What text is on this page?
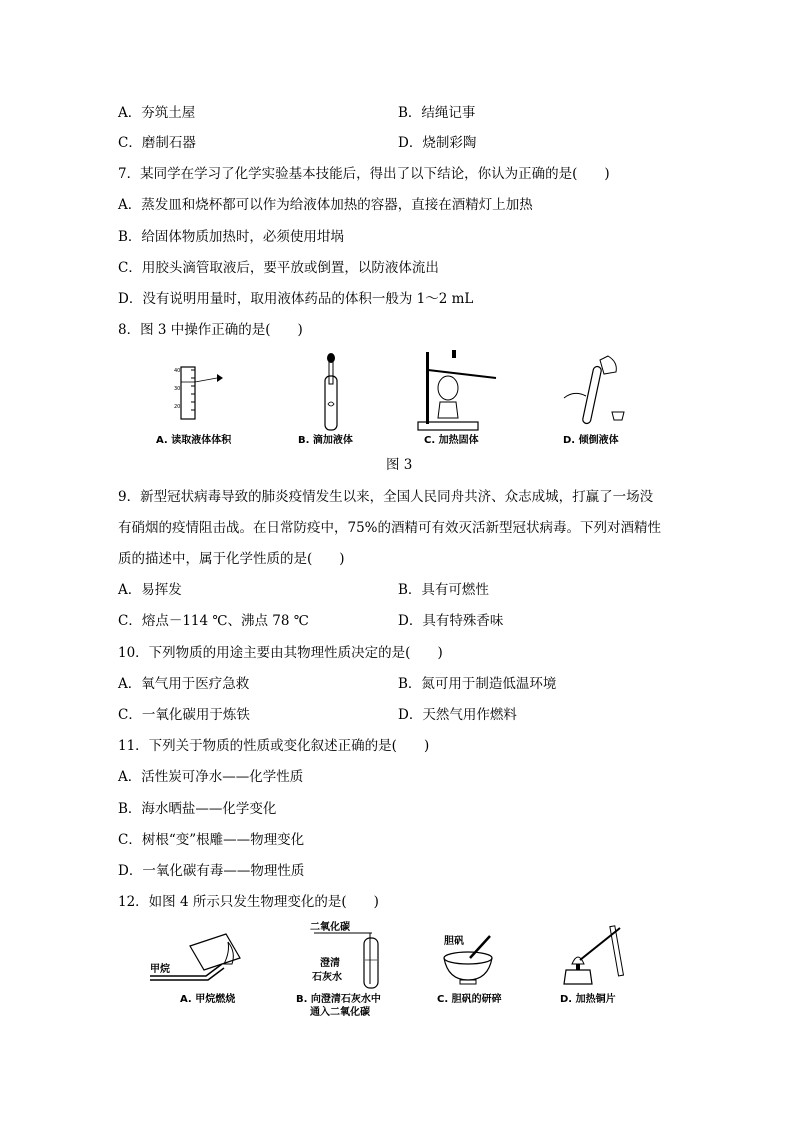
A．夯筑土屋	B．结绳记事
C．磨制石器	D．烧制彩陶
7．某同学在学习了化学实验基本技能后，得出了以下结论，你认为正确的是(　　)
A．蒸发皿和烧杯都可以作为给液体加热的容器，直接在酒精灯上加热
B．给固体物质加热时，必须使用坩埚
C．用胶头滴管取液后，要平放或倒置，以防液体流出
D．没有说明用量时，取用液体药品的体积一般为 1～2 mL
8．图 3 中操作正确的是(　　)
40
30
20
A. 读取液体体积	B. 滴加液体	C. 加热固体	D. 倾倒液体
图 3
9．新型冠状病毒导致的肺炎疫情发生以来，全国人民同舟共济、众志成城，打赢了一场没
有硝烟的疫情阻击战。在日常防疫中，75%的酒精可有效灭活新型冠状病毒。下列对酒精性
质的描述中，属于化学性质的是(　　)
A．易挥发	B．具有可燃性
C．熔点－114 ℃、沸点 78 ℃	D．具有特殊香味
10．下列物质的用途主要由其物理性质决定的是(　　)
A．氧气用于医疗急救	B．氮可用于制造低温环境
C．一氧化碳用于炼铁	D．天然气用作燃料
11．下列关于物质的性质或变化叙述正确的是(　　)
A．活性炭可净水——化学性质
B．海水晒盐——化学变化
C．树根“变”根雕——物理变化
D．一氧化碳有毒——物理性质
12．如图 4 所示只发生物理变化的是(　　)
甲烷
A. 甲烷燃烧
二氧化碳
澄清
石灰水
B. 向澄清石灰水中
通入二氧化碳
胆矾
C. 胆矾的研碎	D. 加热铜片
